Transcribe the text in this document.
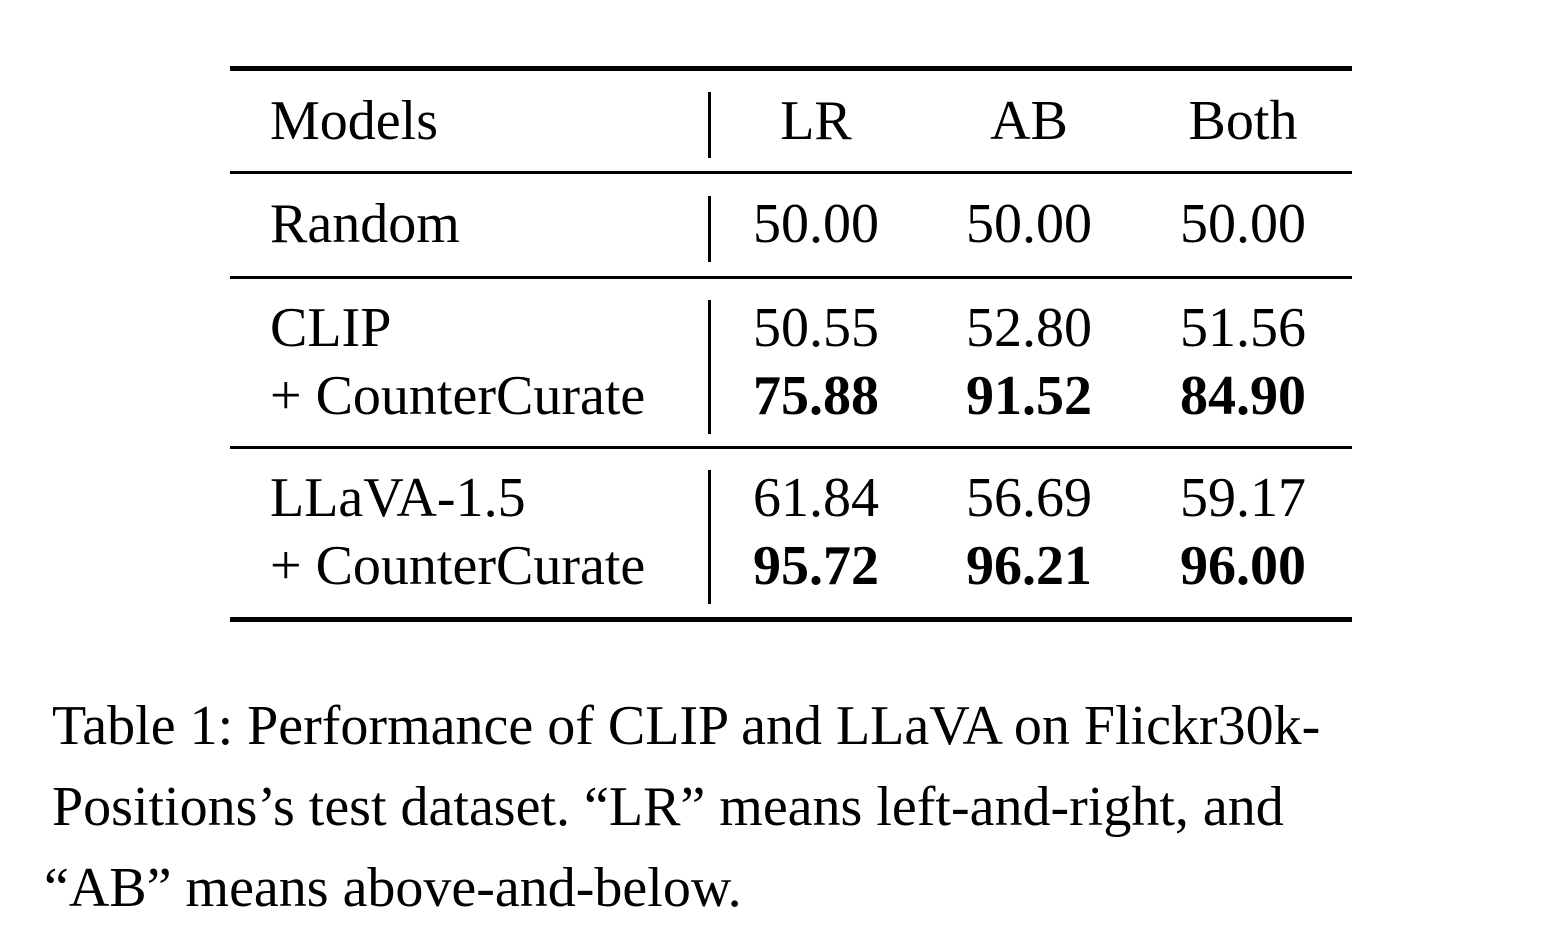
Models	LR	AB	Both
Random	50.00	50.00	50.00
CLIP	50.55	52.80	51.56
+ CounterCurate	75.88	91.52	84.90
LLaVA-1.5	61.84	56.69	59.17
+ CounterCurate	95.72	96.21	96.00
Table 1: Performance of CLIP and LLaVA on Flickr30k-
Positions’s test dataset. “LR” means left-and-right, and
“AB” means above-and-below.
